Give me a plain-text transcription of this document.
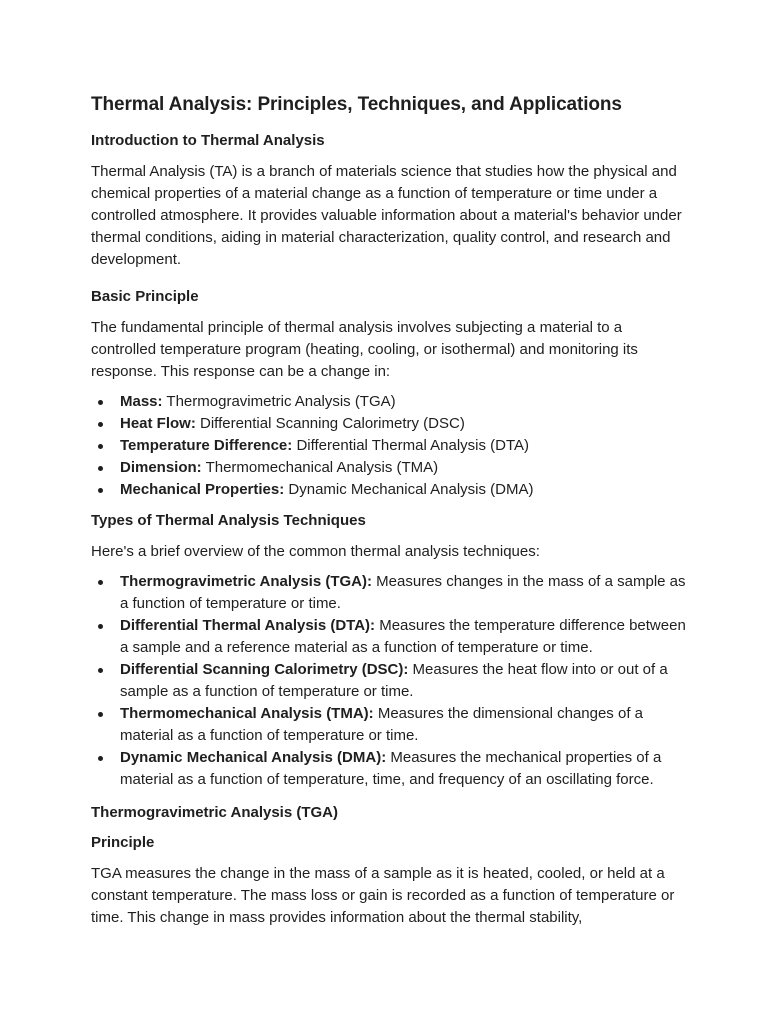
Thermal Analysis: Principles, Techniques, and Applications
Introduction to Thermal Analysis
Thermal Analysis (TA) is a branch of materials science that studies how the physical and chemical properties of a material change as a function of temperature or time under a controlled atmosphere. It provides valuable information about a material's behavior under thermal conditions, aiding in material characterization, quality control, and research and development.
Basic Principle
The fundamental principle of thermal analysis involves subjecting a material to a controlled temperature program (heating, cooling, or isothermal) and monitoring its response. This response can be a change in:
Mass: Thermogravimetric Analysis (TGA)
Heat Flow: Differential Scanning Calorimetry (DSC)
Temperature Difference: Differential Thermal Analysis (DTA)
Dimension: Thermomechanical Analysis (TMA)
Mechanical Properties: Dynamic Mechanical Analysis (DMA)
Types of Thermal Analysis Techniques
Here's a brief overview of the common thermal analysis techniques:
Thermogravimetric Analysis (TGA): Measures changes in the mass of a sample as a function of temperature or time.
Differential Thermal Analysis (DTA): Measures the temperature difference between a sample and a reference material as a function of temperature or time.
Differential Scanning Calorimetry (DSC): Measures the heat flow into or out of a sample as a function of temperature or time.
Thermomechanical Analysis (TMA): Measures the dimensional changes of a material as a function of temperature or time.
Dynamic Mechanical Analysis (DMA): Measures the mechanical properties of a material as a function of temperature, time, and frequency of an oscillating force.
Thermogravimetric Analysis (TGA)
Principle
TGA measures the change in the mass of a sample as it is heated, cooled, or held at a constant temperature. The mass loss or gain is recorded as a function of temperature or time. This change in mass provides information about the thermal stability,
